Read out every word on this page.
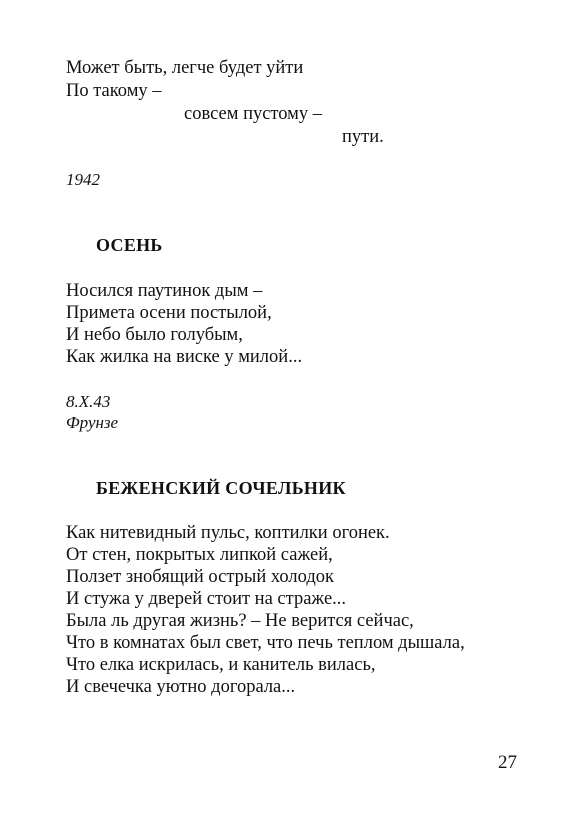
Может быть, легче будет уйти
По такому –
совсем пустому –
пути.
1942
ОСЕНЬ
Носился паутинок дым –
Примета осени постылой,
И небо было голубым,
Как жилка на виске у милой...
8.X.43
Фрунзе
БЕЖЕНСКИЙ СОЧЕЛЬНИК
Как нитевидный пульс, коптилки огонек.
От стен, покрытых липкой сажей,
Ползет знобящий острый холодок
И стужа у дверей стоит на страже...
Была ль другая жизнь? – Не верится сейчас,
Что в комнатах был свет, что печь теплом дышала,
Что елка искрилась, и канитель вилась,
И свечечка уютно догорала...
27
